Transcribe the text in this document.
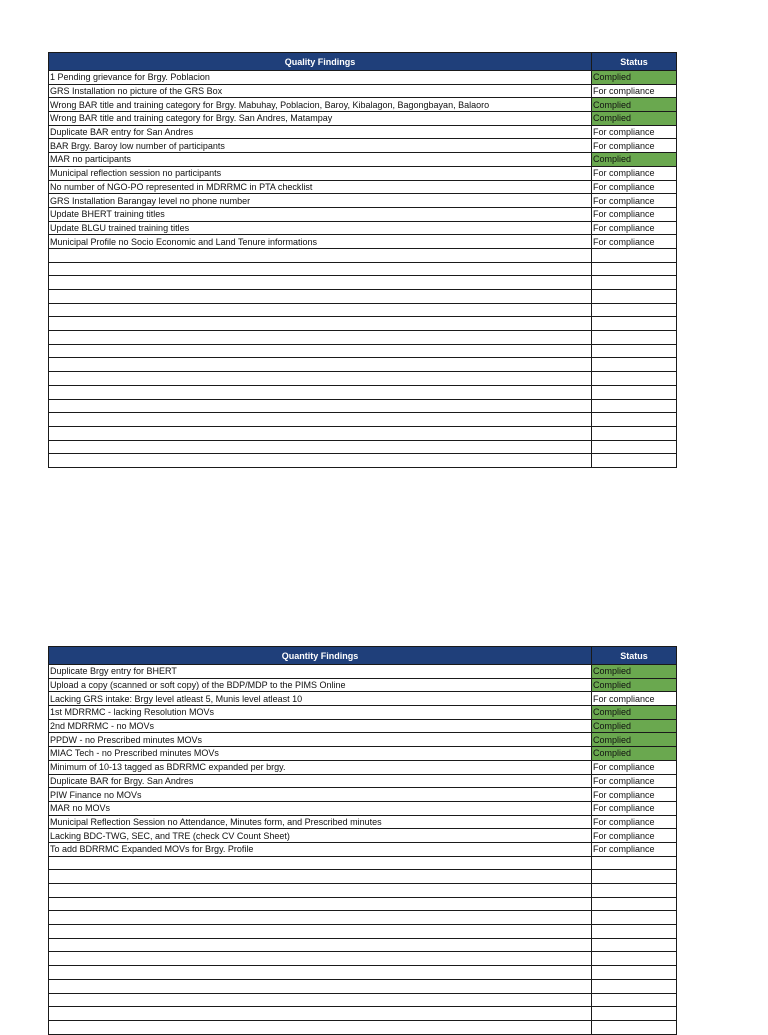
Quality Findings	Status
1 Pending grievance for Brgy. Poblacion	Complied
GRS Installation no picture of the GRS Box	For compliance
Wrong BAR title and training category for Brgy. Mabuhay, Poblacion, Baroy, Kibalagon, Bagongbayan, Balaoro	Complied
Wrong BAR title and training category for Brgy. San Andres, Matampay	Complied
Duplicate BAR entry for San Andres	For compliance
BAR Brgy. Baroy low number of participants	For compliance
MAR no participants	Complied
Municipal reflection session no participants	For compliance
No number of NGO-PO represented in MDRRMC in PTA checklist	For compliance
GRS Installation Barangay level no phone number	For compliance
Update BHERT training titles	For compliance
Update BLGU trained training titles	For compliance
Municipal Profile no Socio Economic and Land Tenure informations	For compliance

Quantity Findings	Status
Duplicate Brgy entry for BHERT	Complied
Upload a copy (scanned or soft copy) of the BDP/MDP to the PIMS Online	Complied
Lacking GRS intake: Brgy level atleast 5, Munis level atleast 10	For compliance
1st MDRRMC - lacking Resolution MOVs	Complied
2nd MDRRMC - no MOVs	Complied
PPDW - no Prescribed minutes MOVs	Complied
MIAC Tech - no Prescribed minutes MOVs	Complied
Minimum of 10-13 tagged as BDRRMC expanded per brgy.	For compliance
Duplicate BAR for Brgy. San Andres	For compliance
PIW Finance no MOVs	For compliance
MAR no MOVs	For compliance
Municipal Reflection Session no Attendance, Minutes form, and Prescribed minutes	For compliance
Lacking BDC-TWG, SEC, and TRE (check CV Count Sheet)	For compliance
To add BDRRMC Expanded MOVs for Brgy. Profile	For compliance
